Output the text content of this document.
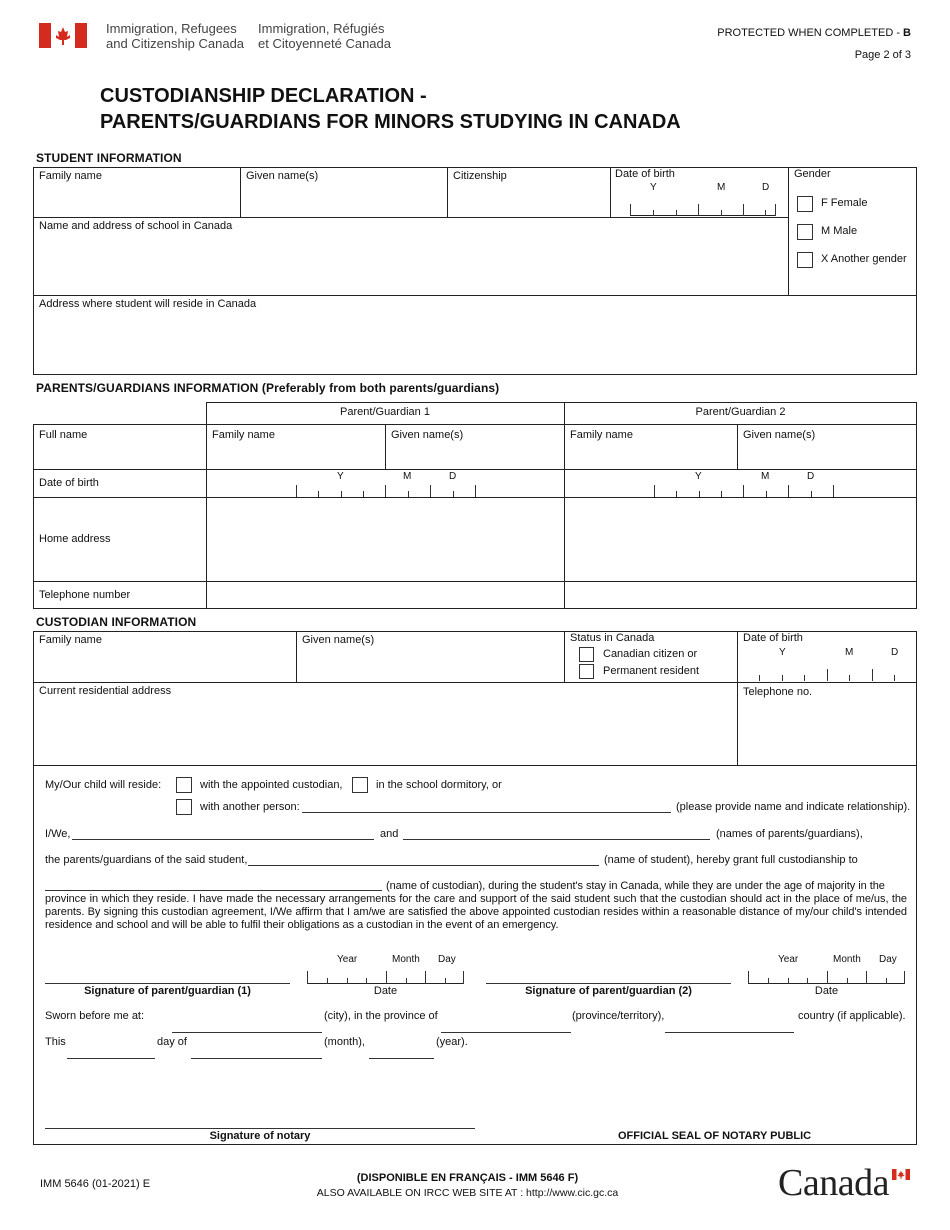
Immigration, Refugees
and Citizenship Canada
Immigration, Réfugiés
et Citoyenneté Canada
PROTECTED WHEN COMPLETED - B
Page 2 of 3
CUSTODIANSHIP DECLARATION -
PARENTS/GUARDIANS FOR MINORS STUDYING IN CANADA
STUDENT INFORMATION
Family name	Given name(s)	Citizenship	Date of birth
Y	M	D
Gender
F Female
M Male
X Another gender
Name and address of school in Canada
Address where student will reside in Canada
PARENTS/GUARDIANS INFORMATION (Preferably from both parents/guardians)
Parent/Guardian 1	Parent/Guardian 2
Full name	Family name	Given name(s)	Family name	Given name(s)
Date of birth
Y	M	D	Y	M	D
Home address
Telephone number
CUSTODIAN INFORMATION
Family name	Given name(s)	Status in Canada
Canadian citizen or
Permanent resident
Date of birth
Y	M	D
Current residential address	Telephone no.
My/Our child will reside:	with the appointed custodian,	in the school dormitory, or
with another person:	(please provide name and indicate relationship).
I/We,	and	(names of parents/guardians),
the parents/guardians of the said student,	(name of student), hereby grant full custodianship to
(name of custodian), during the student's stay in Canada, while they are under the age of majority in the
province in which they reside. I have made the necessary arrangements for the care and support of the said student such that the custodian should act in the place of me/us, the parents. By signing this custodian agreement, I/We affirm that I am/we are satisfied the above appointed custodian resides within a reasonable distance of my/our child's intended residence and school and will be able to fulfil their obligations as a custodian in the event of an emergency.
Year	Month Day
Signature of parent/guardian (1)	Date
Year	Month Day
Signature of parent/guardian (2)	Date
Sworn before me at:	(city), in the province of	(province/territory),	country (if applicable).
This	day of	(month),	(year).
Signature of notary	OFFICIAL SEAL OF NOTARY PUBLIC
IMM 5646 (01-2021) E	(DISPONIBLE EN FRANÇAIS - IMM 5646 F)
ALSO AVAILABLE ON IRCC WEB SITE AT : http://www.cic.gc.ca	Canada
